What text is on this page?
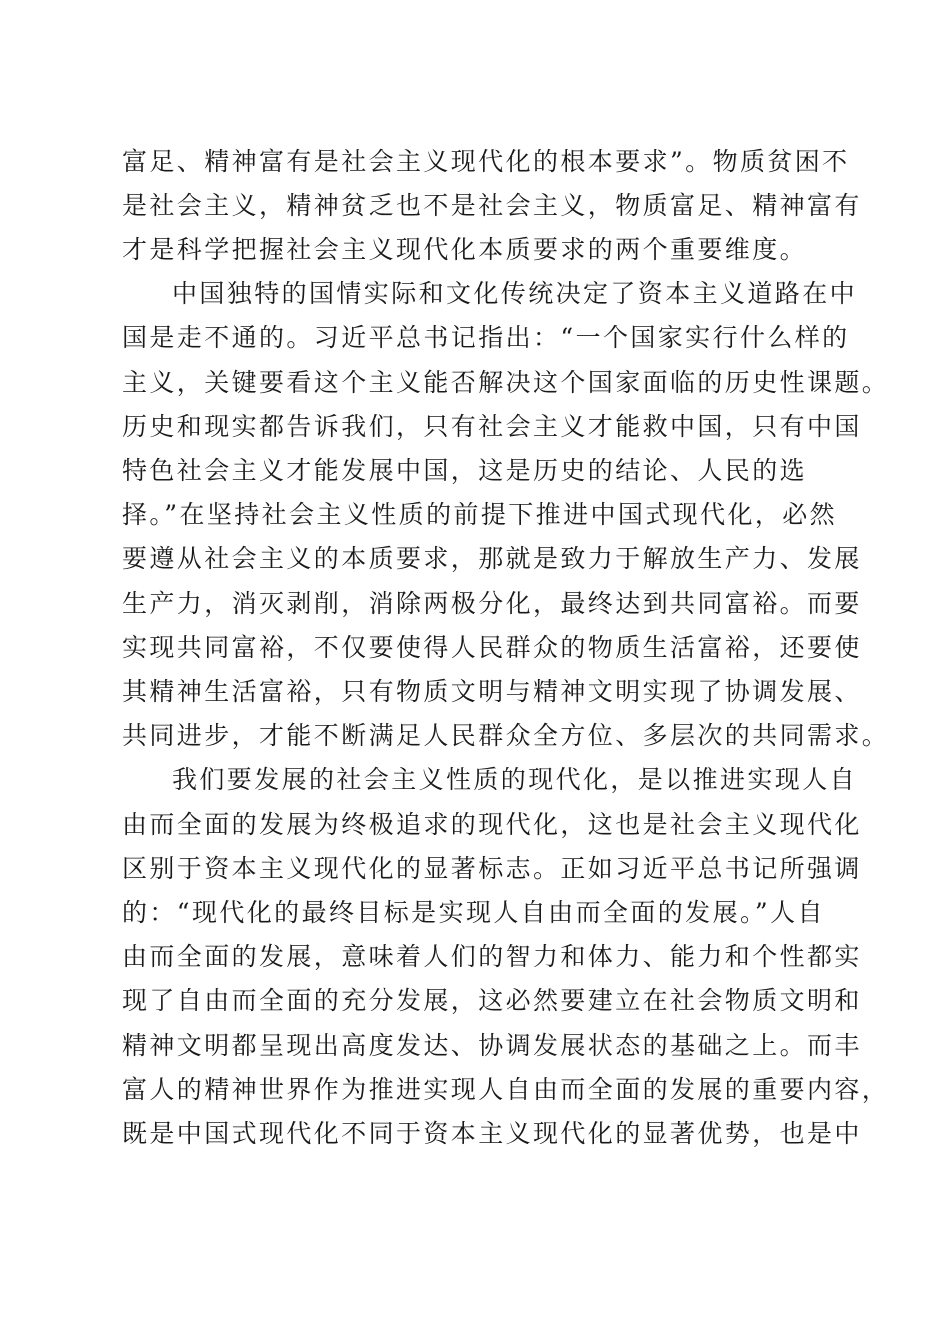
富足、精神富有是社会主义现代化的根本要求”。物质贫困不
是社会主义，精神贫乏也不是社会主义，物质富足、精神富有
才是科学把握社会主义现代化本质要求的两个重要维度。
中国独特的国情实际和文化传统决定了资本主义道路在中
国是走不通的。习近平总书记指出：“一个国家实行什么样的
主义，关键要看这个主义能否解决这个国家面临的历史性课题。
历史和现实都告诉我们，只有社会主义才能救中国，只有中国
特色社会主义才能发展中国，这是历史的结论、人民的选
择。”在坚持社会主义性质的前提下推进中国式现代化，必然
要遵从社会主义的本质要求，那就是致力于解放生产力、发展
生产力，消灭剥削，消除两极分化，最终达到共同富裕。而要
实现共同富裕，不仅要使得人民群众的物质生活富裕，还要使
其精神生活富裕，只有物质文明与精神文明实现了协调发展、
共同进步，才能不断满足人民群众全方位、多层次的共同需求。
我们要发展的社会主义性质的现代化，是以推进实现人自
由而全面的发展为终极追求的现代化，这也是社会主义现代化
区别于资本主义现代化的显著标志。正如习近平总书记所强调
的：“现代化的最终目标是实现人自由而全面的发展。”人自
由而全面的发展，意味着人们的智力和体力、能力和个性都实
现了自由而全面的充分发展，这必然要建立在社会物质文明和
精神文明都呈现出高度发达、协调发展状态的基础之上。而丰
富人的精神世界作为推进实现人自由而全面的发展的重要内容，
既是中国式现代化不同于资本主义现代化的显著优势，也是中
